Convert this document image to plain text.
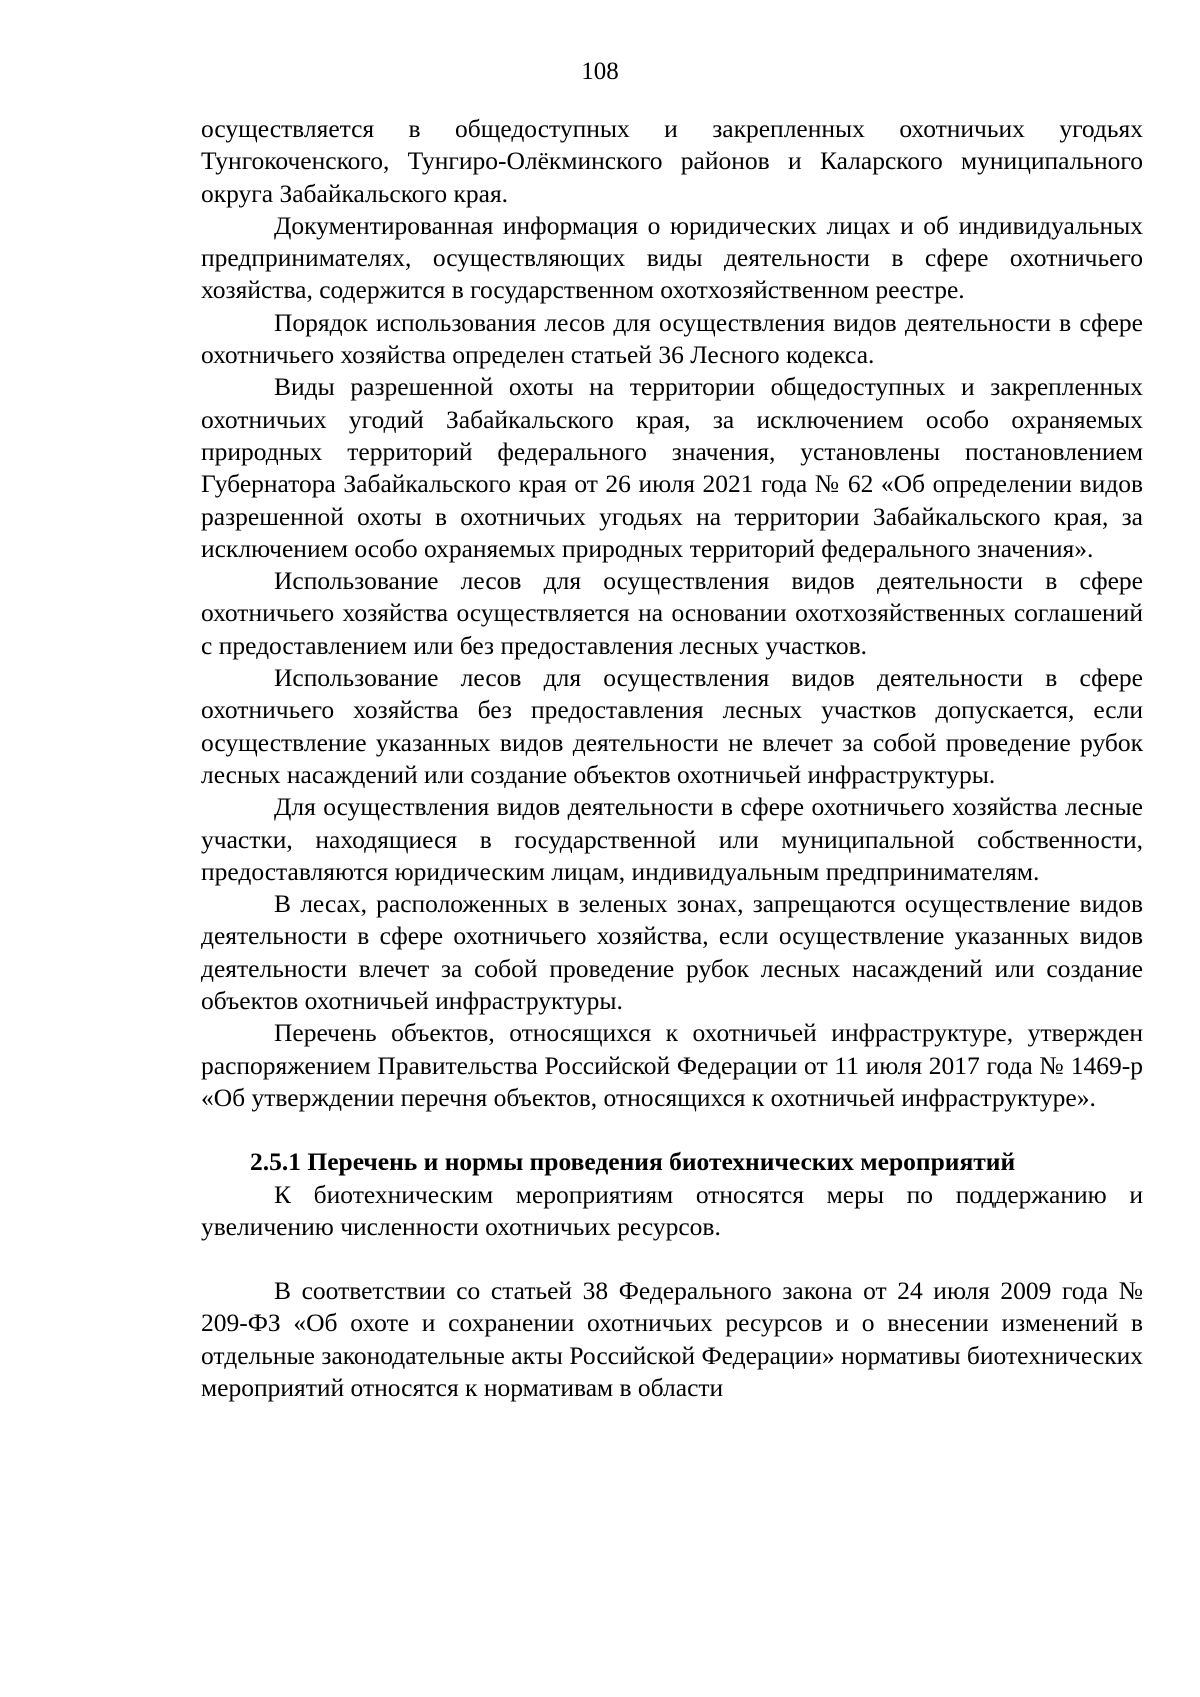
108

осуществляется в общедоступных и закрепленных охотничьих угодьях Тунгокоченского, Тунгиро-Олёкминского районов и Каларского муниципального округа Забайкальского края.

Документированная информация о юридических лицах и об индивидуальных предпринимателях, осуществляющих виды деятельности в сфере охотничьего хозяйства, содержится в государственном охотхозяйственном реестре.

Порядок использования лесов для осуществления видов деятельности в сфере охотничьего хозяйства определен статьей 36 Лесного кодекса.

Виды разрешенной охоты на территории общедоступных и закрепленных охотничьих угодий Забайкальского края, за исключением особо охраняемых природных территорий федерального значения, установлены постановлением Губернатора Забайкальского края от 26 июля 2021 года № 62 «Об определении видов разрешенной охоты в охотничьих угодьях на территории Забайкальского края, за исключением особо охраняемых природных территорий федерального значения».

Использование лесов для осуществления видов деятельности в сфере охотничьего хозяйства осуществляется на основании охотхозяйственных соглашений с предоставлением или без предоставления лесных участков.

Использование лесов для осуществления видов деятельности в сфере охотничьего хозяйства без предоставления лесных участков допускается, если осуществление указанных видов деятельности не влечет за собой проведение рубок лесных насаждений или создание объектов охотничьей инфраструктуры.

Для осуществления видов деятельности в сфере охотничьего хозяйства лесные участки, находящиеся в государственной или муниципальной собственности, предоставляются юридическим лицам, индивидуальным предпринимателям.

В лесах, расположенных в зеленых зонах, запрещаются осуществление видов деятельности в сфере охотничьего хозяйства, если осуществление указанных видов деятельности влечет за собой проведение рубок лесных насаждений или создание объектов охотничьей инфраструктуры.

Перечень объектов, относящихся к охотничьей инфраструктуре, утвержден распоряжением Правительства Российской Федерации от 11 июля 2017 года № 1469-р «Об утверждении перечня объектов, относящихся к охотничьей инфраструктуре».

2.5.1 Перечень и нормы проведения биотехнических мероприятий

К биотехническим мероприятиям относятся меры по поддержанию и увеличению численности охотничьих ресурсов.

В соответствии со статьей 38 Федерального закона от 24 июля 2009 года № 209-ФЗ «Об охоте и сохранении охотничьих ресурсов и о внесении изменений в отдельные законодательные акты Российской Федерации» нормативы биотехнических мероприятий относятся к нормативам в области
